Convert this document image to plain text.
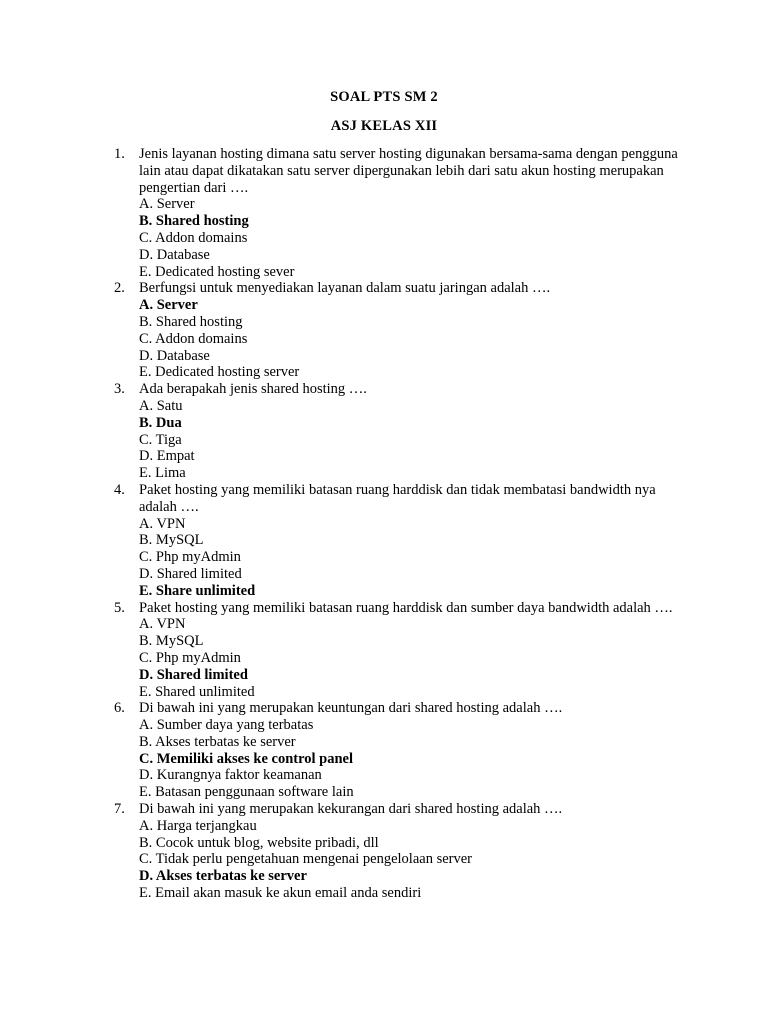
SOAL PTS SM 2
ASJ KELAS XII
1. Jenis layanan hosting dimana satu server hosting digunakan bersama-sama dengan pengguna lain atau dapat dikatakan satu server dipergunakan lebih dari satu akun hosting merupakan pengertian dari ….
A. Server
B. Shared hosting
C. Addon domains
D. Database
E. Dedicated hosting sever
2. Berfungsi untuk menyediakan layanan dalam suatu jaringan adalah ….
A. Server
B. Shared hosting
C. Addon domains
D. Database
E. Dedicated hosting server
3. Ada berapakah jenis shared hosting ….
A. Satu
B. Dua
C. Tiga
D. Empat
E. Lima
4. Paket hosting yang memiliki batasan ruang harddisk dan tidak membatasi bandwidth nya adalah ….
A. VPN
B. MySQL
C. Php myAdmin
D. Shared limited
E. Share unlimited
5. Paket hosting yang memiliki batasan ruang harddisk dan sumber daya bandwidth adalah ….
A. VPN
B. MySQL
C. Php myAdmin
D. Shared limited
E. Shared unlimited
6. Di bawah ini yang merupakan keuntungan dari shared hosting adalah ….
A. Sumber daya yang terbatas
B. Akses terbatas ke server
C. Memiliki akses ke control panel
D. Kurangnya faktor keamanan
E. Batasan penggunaan software lain
7. Di bawah ini yang merupakan kekurangan dari shared hosting adalah ….
A. Harga terjangkau
B. Cocok untuk blog, website pribadi, dll
C. Tidak perlu pengetahuan mengenai pengelolaan server
D. Akses terbatas ke server
E. Email akan masuk ke akun email anda sendiri
